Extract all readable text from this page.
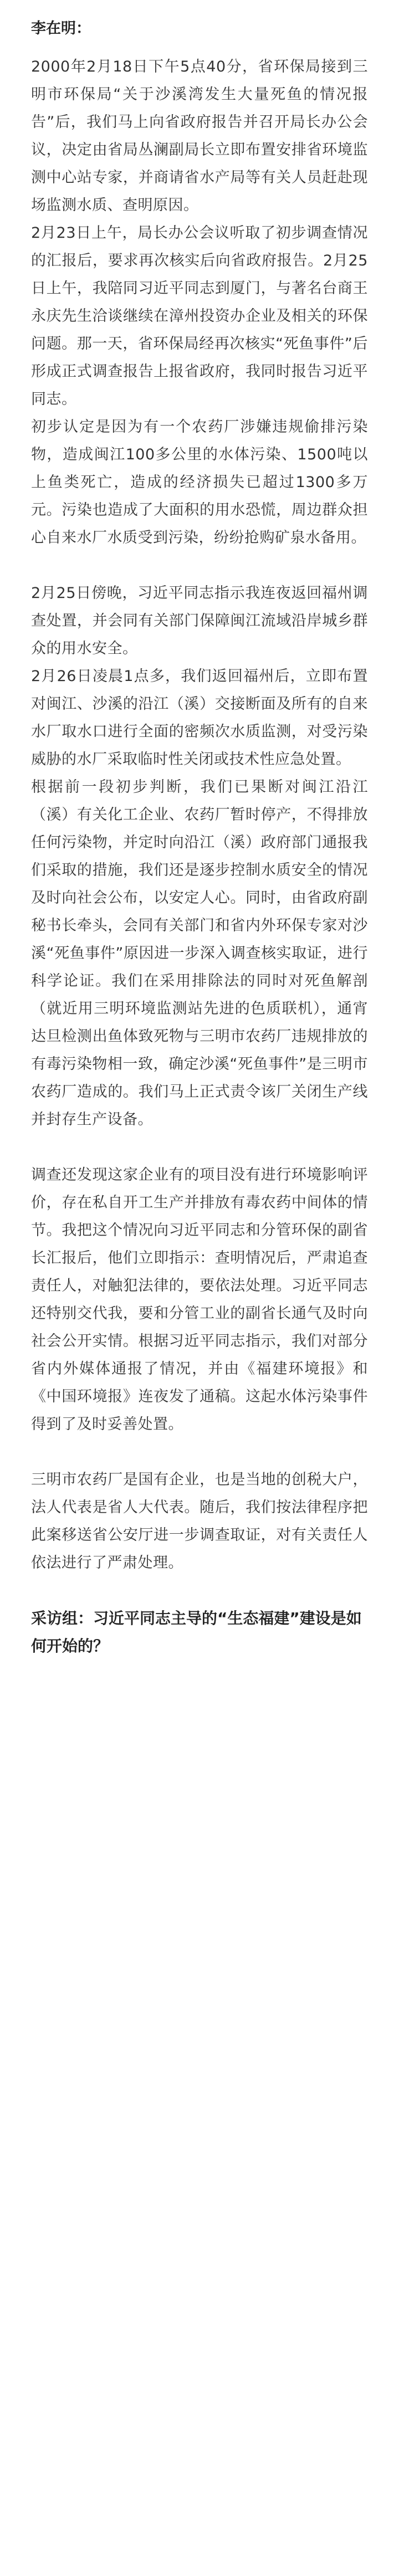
李在明：

2000年2月18日下午5点40分，省环保局接到三明市环保局“关于沙溪湾发生大量死鱼的情况报告”后，我们马上向省政府报告并召开局长办公会议，决定由省局丛澜副局长立即布置安排省环境监测中心站专家，并商请省水产局等有关人员赶赴现场监测水质、查明原因。

2月23日上午，局长办公会议听取了初步调查情况的汇报后，要求再次核实后向省政府报告。2月25日上午，我陪同习近平同志到厦门，与著名台商王永庆先生洽谈继续在漳州投资办企业及相关的环保问题。那一天，省环保局经再次核实“死鱼事件”后形成正式调查报告上报省政府，我同时报告习近平同志。

初步认定是因为有一个农药厂涉嫌违规偷排污染物，造成闽江100多公里的水体污染、1500吨以上鱼类死亡，造成的经济损失已超过1300多万元。污染也造成了大面积的用水恐慌，周边群众担心自来水厂水质受到污染，纷纷抢购矿泉水备用。

2月25日傍晚，习近平同志指示我连夜返回福州调查处置，并会同有关部门保障闽江流域沿岸城乡群众的用水安全。

2月26日凌晨1点多，我们返回福州后，立即布置对闽江、沙溪的沿江（溪）交接断面及所有的自来水厂取水口进行全面的密频次水质监测，对受污染威胁的水厂采取临时性关闭或技术性应急处置。

根据前一段初步判断，我们已果断对闽江沿江（溪）有关化工企业、农药厂暂时停产，不得排放任何污染物，并定时向沿江（溪）政府部门通报我们采取的措施，我们还是逐步控制水质安全的情况及时向社会公布，以安定人心。同时，由省政府副秘书长牵头，会同有关部门和省内外环保专家对沙溪“死鱼事件”原因进一步深入调查核实取证，进行科学论证。我们在采用排除法的同时对死鱼解剖（就近用三明环境监测站先进的色质联机），通宵达旦检测出鱼体致死物与三明市农药厂违规排放的有毒污染物相一致，确定沙溪“死鱼事件”是三明市农药厂造成的。我们马上正式责令该厂关闭生产线并封存生产设备。

调查还发现这家企业有的项目没有进行环境影响评价，存在私自开工生产并排放有毒农药中间体的情节。我把这个情况向习近平同志和分管环保的副省长汇报后，他们立即指示：查明情况后，严肃追查责任人，对触犯法律的，要依法处理。习近平同志还特别交代我，要和分管工业的副省长通气及时向社会公开实情。根据习近平同志指示，我们对部分省内外媒体通报了情况，并由《福建环境报》和《中国环境报》连夜发了通稿。这起水体污染事件得到了及时妥善处置。

三明市农药厂是国有企业，也是当地的创税大户，法人代表是省人大代表。随后，我们按法律程序把此案移送省公安厅进一步调查取证，对有关责任人依法进行了严肃处理。

采访组：习近平同志主导的“生态福建”建设是如何开始的？
